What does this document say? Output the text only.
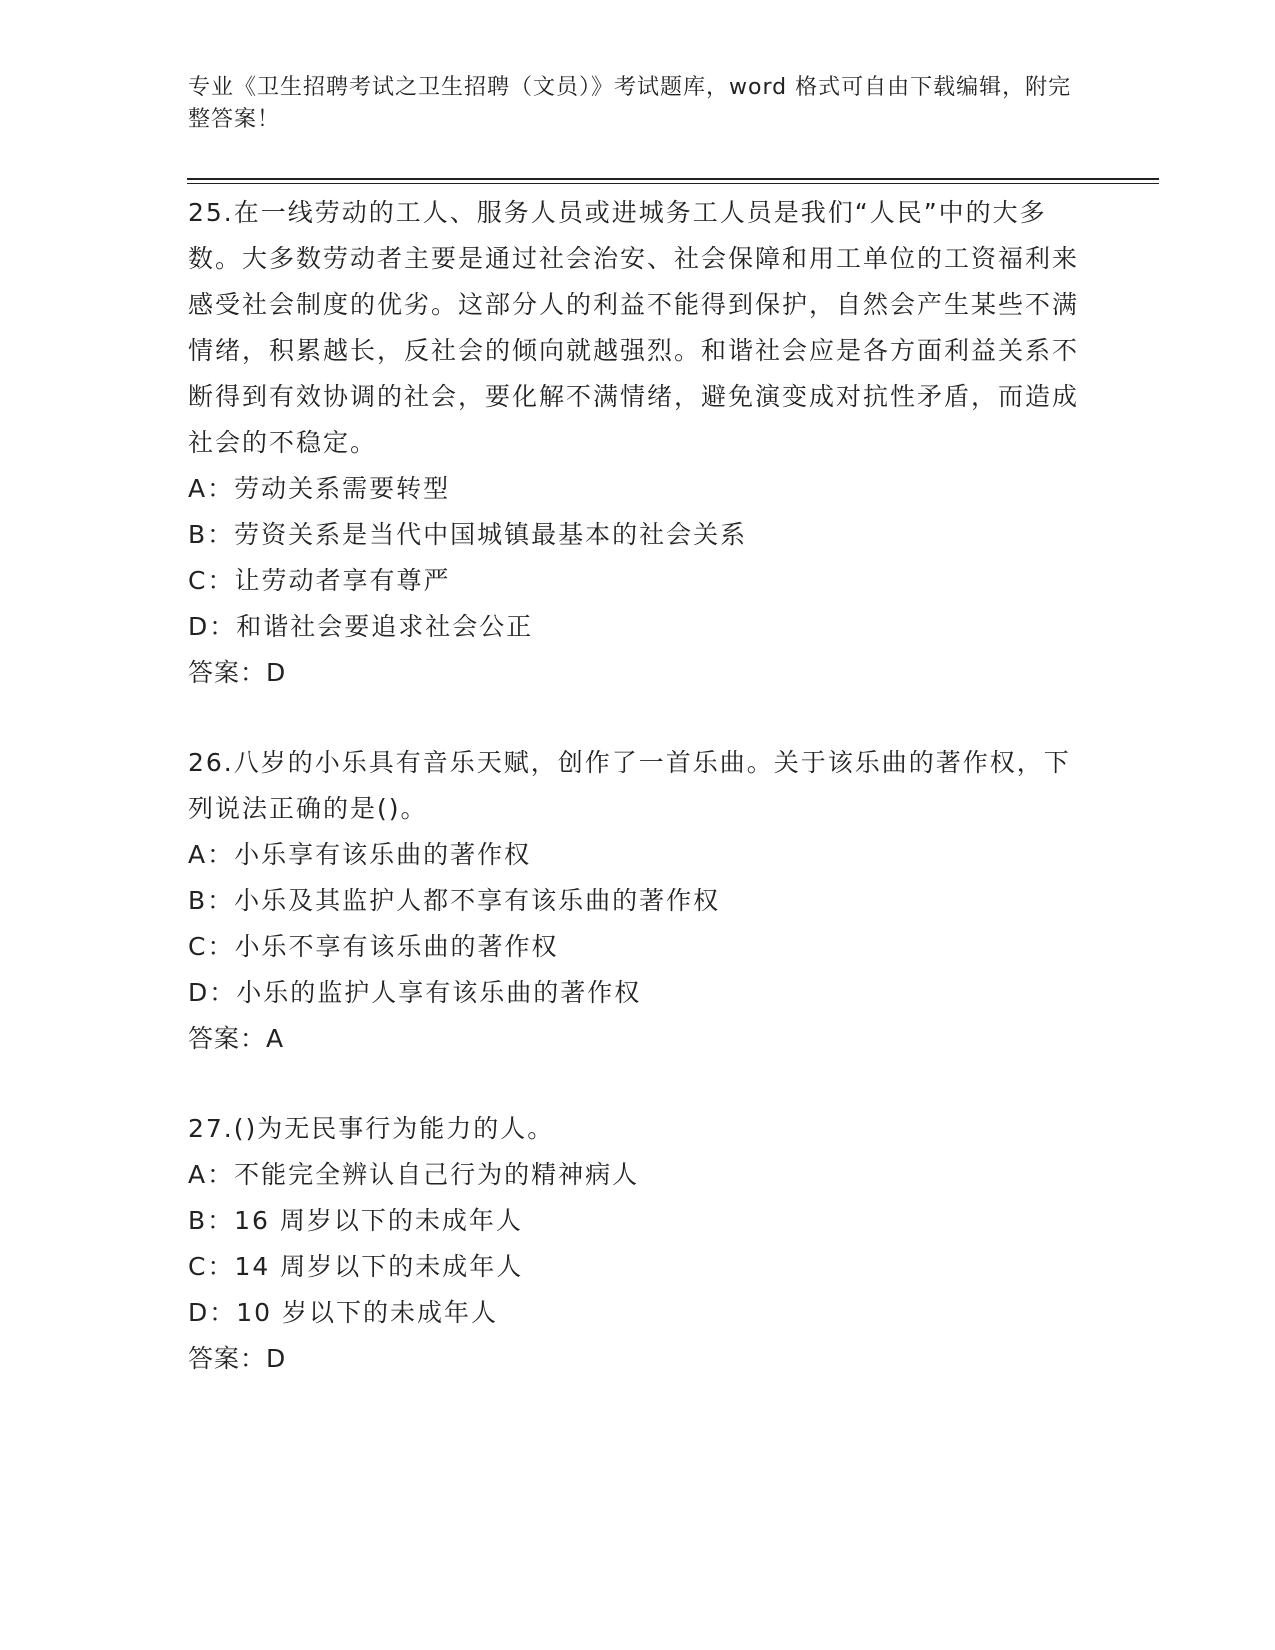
专业《卫生招聘考试之卫生招聘（文员）》考试题库，word 格式可自由下载编辑，附完整答案！

25.在一线劳动的工人、服务人员或进城务工人员是我们“人民”中的大多数。大多数劳动者主要是通过社会治安、社会保障和用工单位的工资福利来感受社会制度的优劣。这部分人的利益不能得到保护，自然会产生某些不满情绪，积累越长，反社会的倾向就越强烈。和谐社会应是各方面利益关系不断得到有效协调的社会，要化解不满情绪，避免演变成对抗性矛盾，而造成社会的不稳定。

A：劳动关系需要转型

B：劳资关系是当代中国城镇最基本的社会关系

C：让劳动者享有尊严

D：和谐社会要追求社会公正

答案：D

26.八岁的小乐具有音乐天赋，创作了一首乐曲。关于该乐曲的著作权，下列说法正确的是()。

A：小乐享有该乐曲的著作权

B：小乐及其监护人都不享有该乐曲的著作权

C：小乐不享有该乐曲的著作权

D：小乐的监护人享有该乐曲的著作权

答案：A

27.()为无民事行为能力的人。

A：不能完全辨认自己行为的精神病人

B：16 周岁以下的未成年人

C：14 周岁以下的未成年人

D：10 岁以下的未成年人

答案：D
